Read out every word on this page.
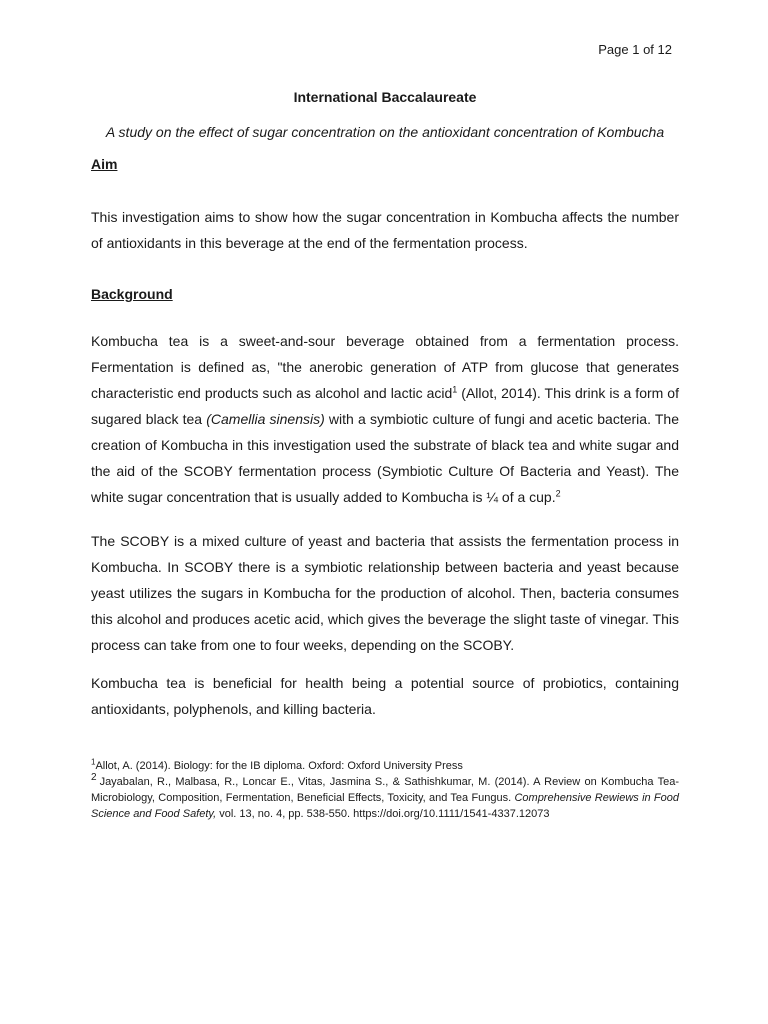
Page 1 of 12

International Baccalaureate

A study on the effect of sugar concentration on the antioxidant concentration of Kombucha

Aim

This investigation aims to show how the sugar concentration in Kombucha affects the number of antioxidants in this beverage at the end of the fermentation process.

Background

Kombucha tea is a sweet-and-sour beverage obtained from a fermentation process. Fermentation is defined as, "the anerobic generation of ATP from glucose that generates characteristic end products such as alcohol and lactic acid$^1$ (Allot, 2014). This drink is a form of sugared black tea (Camellia sinensis) with a symbiotic culture of fungi and acetic bacteria. The creation of Kombucha in this investigation used the substrate of black tea and white sugar and the aid of the SCOBY fermentation process (Symbiotic Culture Of Bacteria and Yeast). The white sugar concentration that is usually added to Kombucha is ¼ of a cup.$^2$

The SCOBY is a mixed culture of yeast and bacteria that assists the fermentation process in Kombucha. In SCOBY there is a symbiotic relationship between bacteria and yeast because yeast utilizes the sugars in Kombucha for the production of alcohol. Then, bacteria consumes this alcohol and produces acetic acid, which gives the beverage the slight taste of vinegar. This process can take from one to four weeks, depending on the SCOBY.

Kombucha tea is beneficial for health being a potential source of probiotics, containing antioxidants, polyphenols, and killing bacteria.

$^1$Allot, A. (2014). Biology: for the IB diploma. Oxford: Oxford University Press

2 Jayabalan, R., Malbasa, R., Loncar E., Vitas, Jasmina S., & Sathishkumar, M. (2014). A Review on Kombucha Tea- Microbiology, Composition, Fermentation, Beneficial Effects, Toxicity, and Tea Fungus. Comprehensive Rewiews in Food Science and Food Safety, vol. 13, no. 4, pp. 538-550. https://doi.org/10.1111/1541-4337.12073
